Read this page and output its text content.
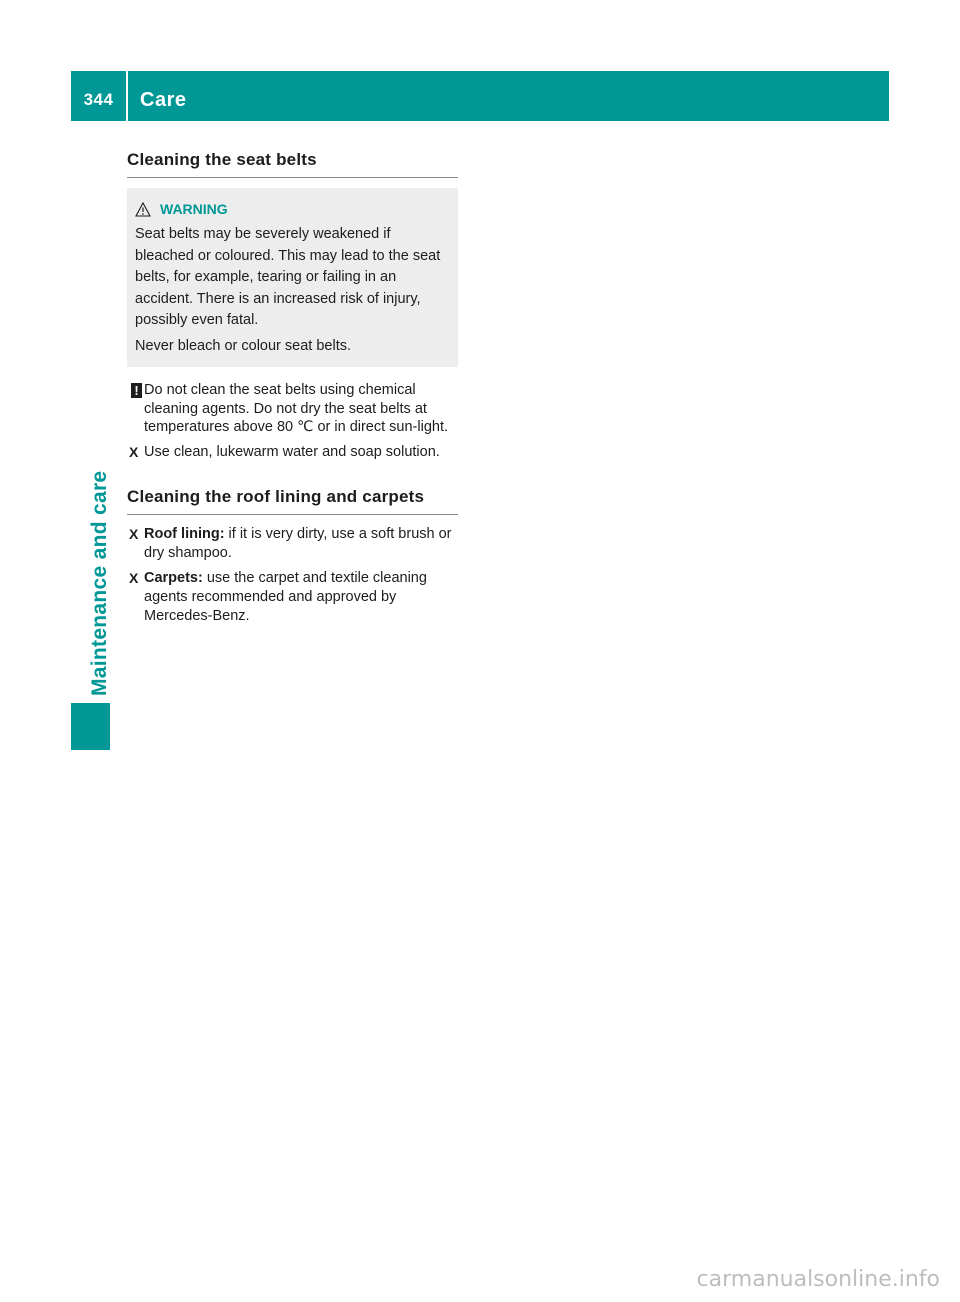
344	Care
Maintenance and care
Cleaning the seat belts
WARNING

Seat belts may be severely weakened if bleached or coloured. This may lead to the seat belts, for example, tearing or failing in an accident. There is an increased risk of injury, possibly even fatal.

Never bleach or colour seat belts.

! Do not clean the seat belts using chemical cleaning agents. Do not dry the seat belts at temperatures above 80 ℃ or in direct sun-light.
X Use clean, lukewarm water and soap solution.
Cleaning the roof lining and carpets
X Roof lining: if it is very dirty, use a soft brush or dry shampoo.
X Carpets: use the carpet and textile cleaning agents recommended and approved by Mercedes-Benz.
carmanualsonline.info
